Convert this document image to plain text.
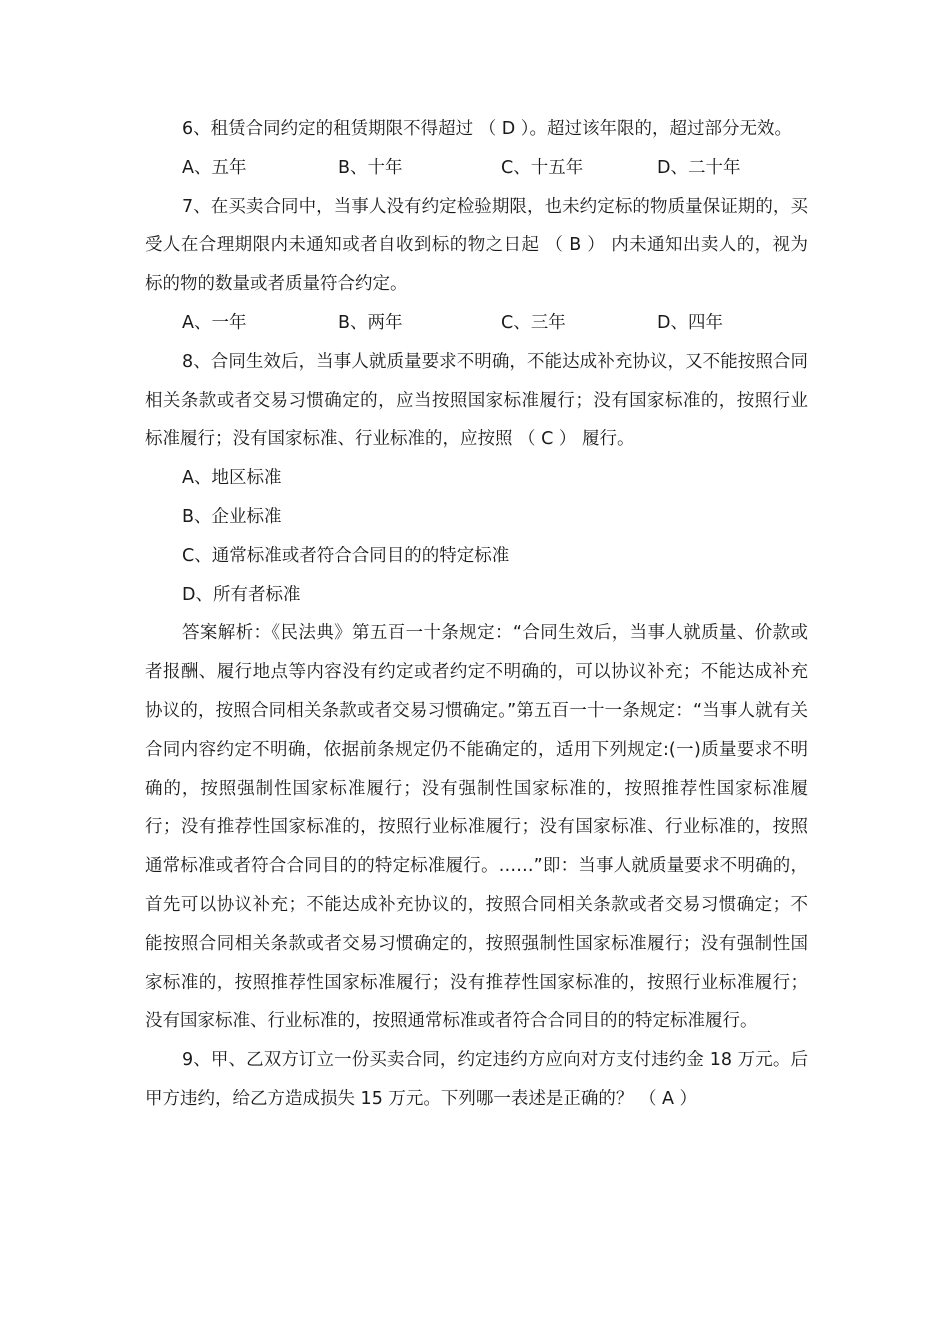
6、租赁合同约定的租赁期限不得超过 （ D ）。超过该年限的，超过部分无效。

A、五年	B、十年	C、十五年	D、二十年

7、在买卖合同中，当事人没有约定检验期限，也未约定标的物质量保证期的，买受人在合理期限内未通知或者自收到标的物之日起 （ B ） 内未通知出卖人的，视为标的物的数量或者质量符合约定。

A、一年	B、两年	C、三年	D、四年

8、合同生效后，当事人就质量要求不明确，不能达成补充协议，又不能按照合同相关条款或者交易习惯确定的，应当按照国家标准履行；没有国家标准的，按照行业标准履行；没有国家标准、行业标准的，应按照 （ C ） 履行。

A、地区标准
B、企业标准
C、通常标准或者符合合同目的的特定标准
D、所有者标准

答案解析：《民法典》第五百一十条规定：“合同生效后，当事人就质量、价款或者报酬、履行地点等内容没有约定或者约定不明确的，可以协议补充；不能达成补充协议的，按照合同相关条款或者交易习惯确定。”第五百一十一条规定：“当事人就有关合同内容约定不明确，依据前条规定仍不能确定的，适用下列规定:(一)质量要求不明确的，按照强制性国家标准履行；没有强制性国家标准的，按照推荐性国家标准履行；没有推荐性国家标准的，按照行业标准履行；没有国家标准、行业标准的，按照通常标准或者符合合同目的的特定标准履行。……”即：当事人就质量要求不明确的，首先可以协议补充；不能达成补充协议的，按照合同相关条款或者交易习惯确定；不能按照合同相关条款或者交易习惯确定的，按照强制性国家标准履行；没有强制性国家标准的，按照推荐性国家标准履行；没有推荐性国家标准的，按照行业标准履行；没有国家标准、行业标准的，按照通常标准或者符合合同目的的特定标准履行。

9、甲、乙双方订立一份买卖合同，约定违约方应向对方支付违约金 18 万元。后甲方违约，给乙方造成损失 15 万元。下列哪一表述是正确的？ （ A ）
